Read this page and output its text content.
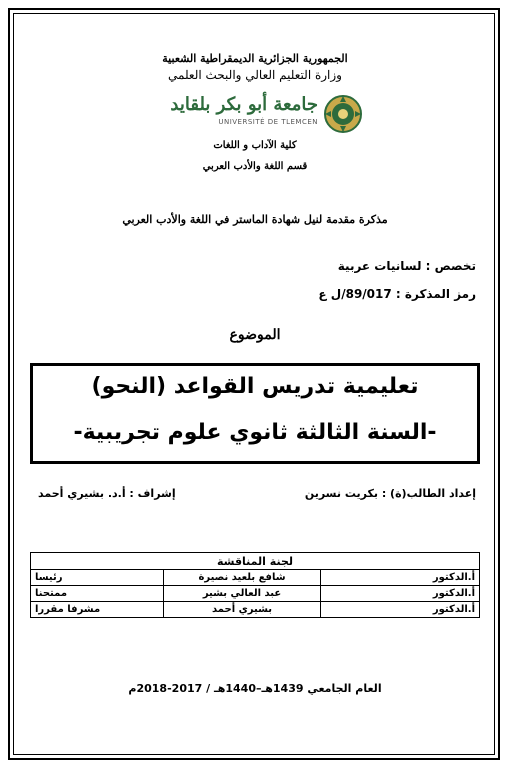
الجمهورية الجزائرية الديمقراطية الشعبية
وزارة التعليم العالي والبحث العلمي
جامعة أبو بكر بلقايد
UNIVERSITÉ DE TLEMCEN
كلية الآداب و اللغات
قسم اللغة والأدب العربي
مذكرة مقدمة لنيل شهادة الماستر في اللغة والأدب العربي
تخصص : لسانيات عربية
رمز المذكرة : 89/017/ل ع
الموضوع
تعليمية تدريس القواعد (النحو)
-السنة الثالثة ثانوي علوم تجريبية-
إعداد الطالب(ة) : بكريت نسرين
إشراف : أ.د. بشيري أحمد
لجنة المناقشة		
أ.الدكتور	شافع بلعيد نصيرة	رئيسا
أ.الدكتور	عبد العالي بشير	ممتحنا
أ.الدكتور	بشيري أحمد	مشرفا مقررا
العام الجامعي 1439هـ–1440هـ / 2017-2018م
